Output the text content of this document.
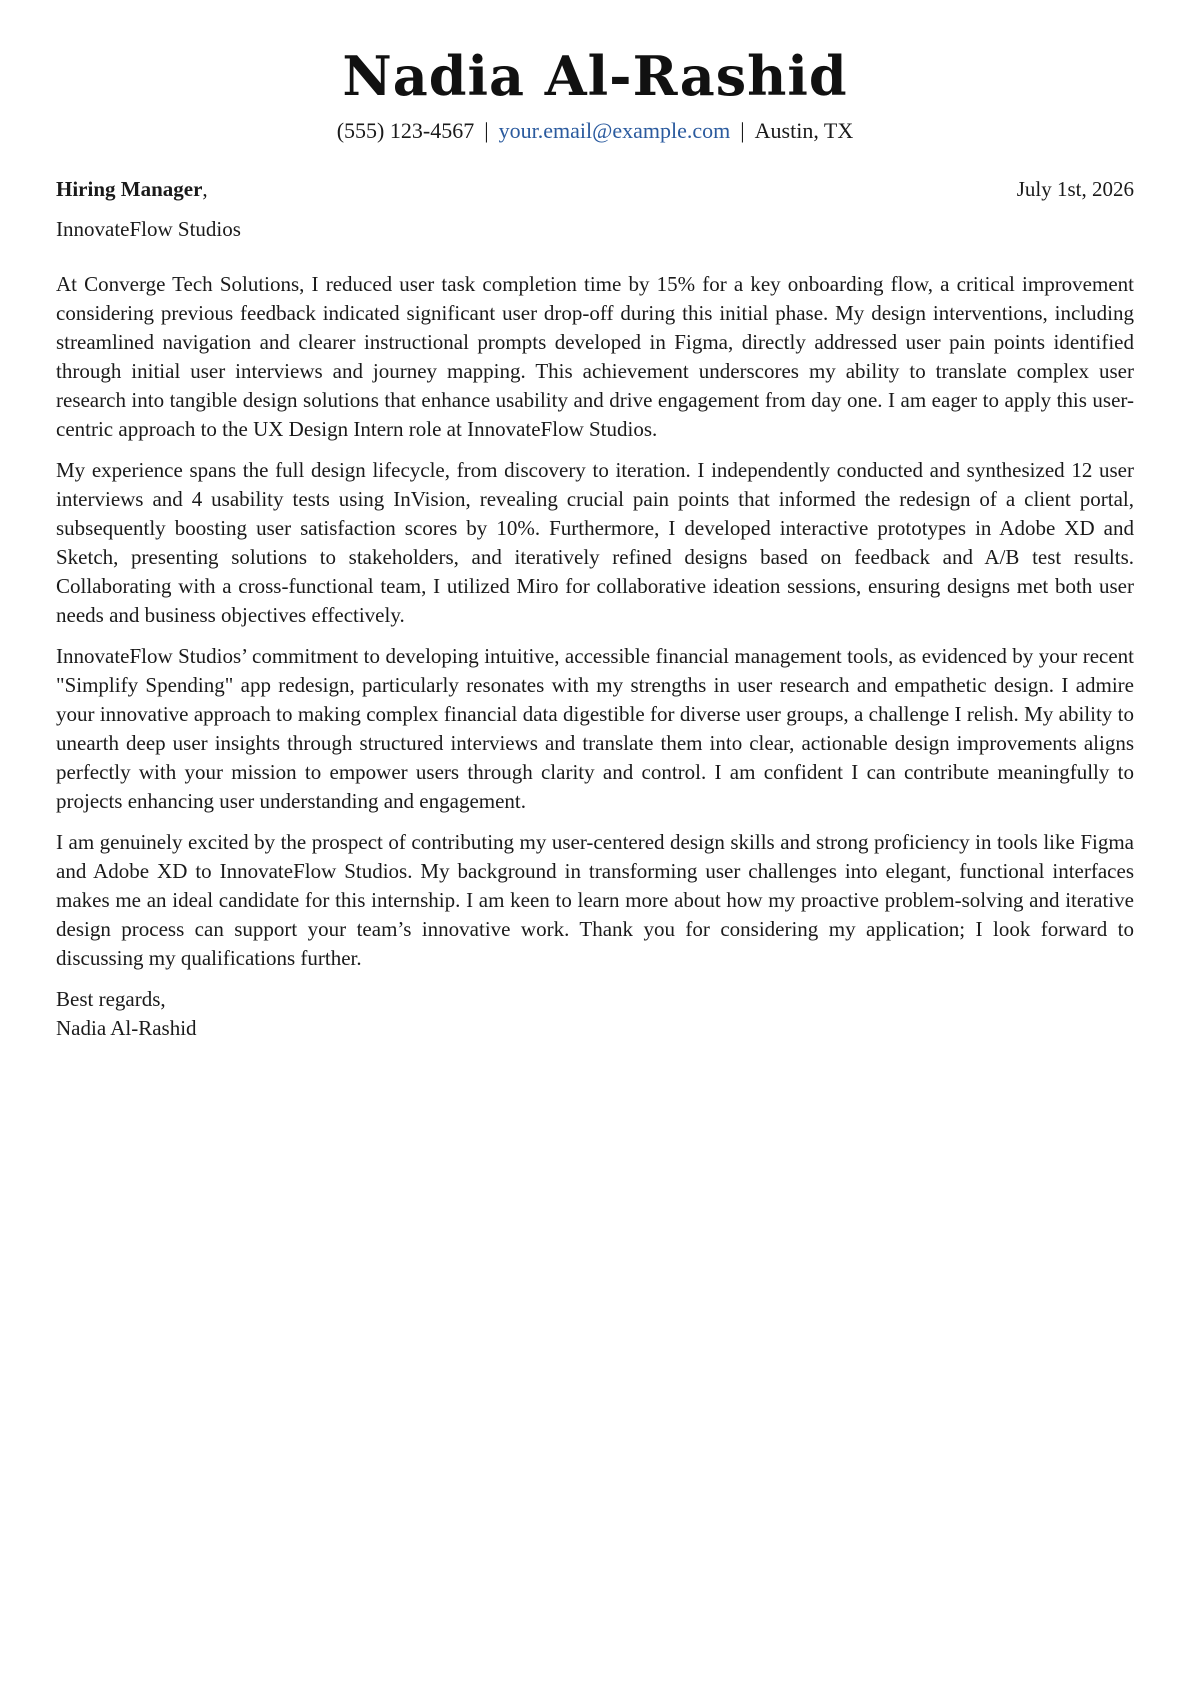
Nadia Al-Rashid
(555) 123-4567 | your.email@example.com | Austin, TX
Hiring Manager,	July 1st, 2026
InnovateFlow Studios

At Converge Tech Solutions, I reduced user task completion time by 15% for a key onboarding flow, a critical improvement considering previous feedback indicated significant user drop-off during this initial phase. My design interventions, including streamlined navigation and clearer instructional prompts developed in Figma, directly addressed user pain points identified through initial user interviews and journey mapping. This achievement underscores my ability to translate complex user research into tangible design solutions that enhance usability and drive engagement from day one. I am eager to apply this user-centric approach to the UX Design Intern role at InnovateFlow Studios.

My experience spans the full design lifecycle, from discovery to iteration. I independently conducted and synthesized 12 user interviews and 4 usability tests using InVision, revealing crucial pain points that informed the redesign of a client portal, subsequently boosting user satisfaction scores by 10%. Furthermore, I developed interactive prototypes in Adobe XD and Sketch, presenting solutions to stakeholders, and iteratively refined designs based on feedback and A/B test results. Collaborating with a cross-functional team, I utilized Miro for collaborative ideation sessions, ensuring designs met both user needs and business objectives effectively.

InnovateFlow Studios’ commitment to developing intuitive, accessible financial management tools, as evidenced by your recent "Simplify Spending" app redesign, particularly resonates with my strengths in user research and empathetic design. I admire your innovative approach to making complex financial data digestible for diverse user groups, a challenge I relish. My ability to unearth deep user insights through structured interviews and translate them into clear, actionable design improvements aligns perfectly with your mission to empower users through clarity and control. I am confident I can contribute meaningfully to projects enhancing user understanding and engagement.

I am genuinely excited by the prospect of contributing my user-centered design skills and strong proficiency in tools like Figma and Adobe XD to InnovateFlow Studios. My background in transforming user challenges into elegant, functional interfaces makes me an ideal candidate for this internship. I am keen to learn more about how my proactive problem-solving and iterative design process can support your team’s innovative work. Thank you for considering my application; I look forward to discussing my qualifications further.

Best regards,
Nadia Al-Rashid
